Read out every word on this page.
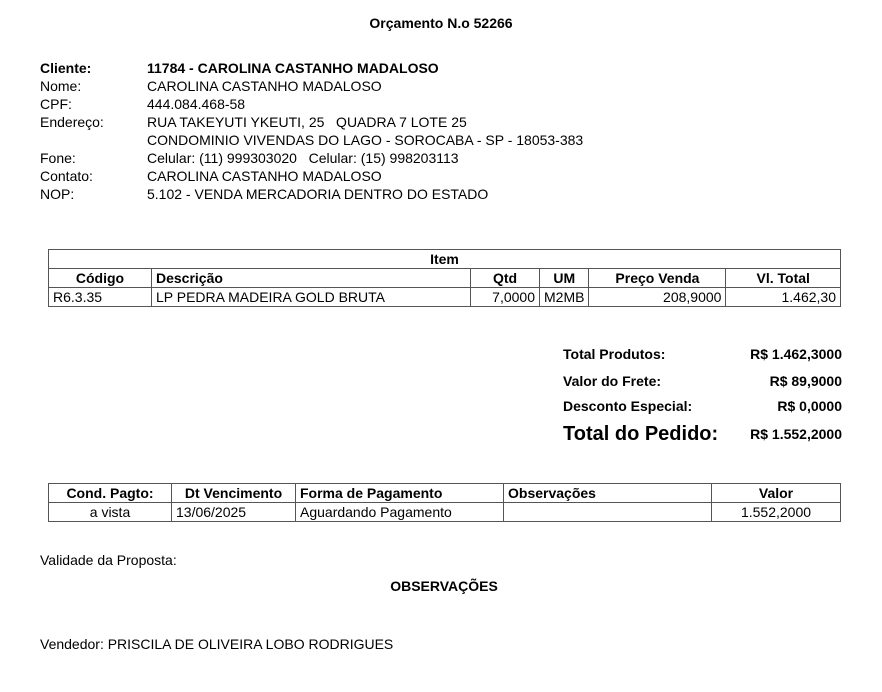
Orçamento N.o 52266
Cliente:	11784 - CAROLINA CASTANHO MADALOSO
Nome:	CAROLINA CASTANHO MADALOSO
CPF:	444.084.468-58
Endereço:	RUA TAKEYUTI YKEUTI, 25   QUADRA 7 LOTE 25
CONDOMINIO VIVENDAS DO LAGO - SOROCABA - SP - 18053-383
Fone:	Celular: (11) 999303020   Celular: (15) 998203113
Contato:	CAROLINA CASTANHO MADALOSO
NOP:	5.102 - VENDA MERCADORIA DENTRO DO ESTADO
Item					
Código	Descrição	Qtd	UM	Preço Venda	Vl. Total
R6.3.35	LP PEDRA MADEIRA GOLD BRUTA	7,0000	M2MB	208,9000	1.462,30
Total Produtos:	R$ 1.462,3000
Valor do Frete:	R$ 89,9000
Desconto Especial:	R$ 0,0000
Total do Pedido: R$ 1.552,2000
Cond. Pagto:	Dt Vencimento	Forma de Pagamento	Observações	Valor
a vista	13/06/2025	Aguardando Pagamento		1.552,2000
Validade da Proposta:
OBSERVAÇÕES
Vendedor: PRISCILA DE OLIVEIRA LOBO RODRIGUES
